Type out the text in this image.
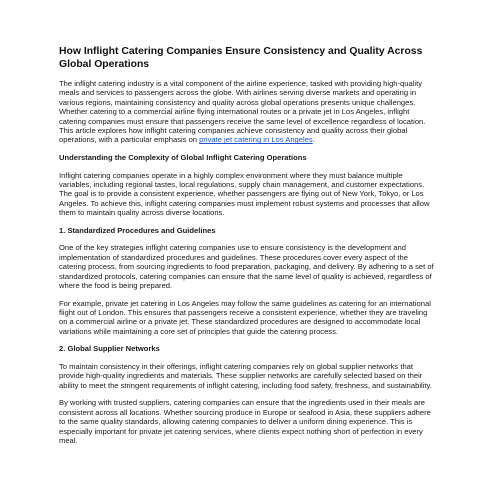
How Inflight Catering Companies Ensure Consistency and Quality Across Global Operations

The inflight catering industry is a vital component of the airline experience, tasked with providing high-quality meals and services to passengers across the globe. With airlines serving diverse markets and operating in various regions, maintaining consistency and quality across global operations presents unique challenges. Whether catering to a commercial airline flying international routes or a private jet in Los Angeles, inflight catering companies must ensure that passengers receive the same level of excellence regardless of location. This article explores how inflight catering companies achieve consistency and quality across their global operations, with a particular emphasis on private jet catering in Los Angeles.

Understanding the Complexity of Global Inflight Catering Operations

Inflight catering companies operate in a highly complex environment where they must balance multiple variables, including regional tastes, local regulations, supply chain management, and customer expectations. The goal is to provide a consistent experience, whether passengers are flying out of New York, Tokyo, or Los Angeles. To achieve this, inflight catering companies must implement robust systems and processes that allow them to maintain quality across diverse locations.

1. Standardized Procedures and Guidelines

One of the key strategies inflight catering companies use to ensure consistency is the development and implementation of standardized procedures and guidelines. These procedures cover every aspect of the catering process, from sourcing ingredients to food preparation, packaging, and delivery. By adhering to a set of standardized protocols, catering companies can ensure that the same level of quality is achieved, regardless of where the food is being prepared.

For example, private jet catering in Los Angeles may follow the same guidelines as catering for an international flight out of London. This ensures that passengers receive a consistent experience, whether they are traveling on a commercial airline or a private jet. These standardized procedures are designed to accommodate local variations while maintaining a core set of principles that guide the catering process.

2. Global Supplier Networks

To maintain consistency in their offerings, inflight catering companies rely on global supplier networks that provide high-quality ingredients and materials. These supplier networks are carefully selected based on their ability to meet the stringent requirements of inflight catering, including food safety, freshness, and sustainability.

By working with trusted suppliers, catering companies can ensure that the ingredients used in their meals are consistent across all locations. Whether sourcing produce in Europe or seafood in Asia, these suppliers adhere to the same quality standards, allowing catering companies to deliver a uniform dining experience. This is especially important for private jet catering services, where clients expect nothing short of perfection in every meal.
